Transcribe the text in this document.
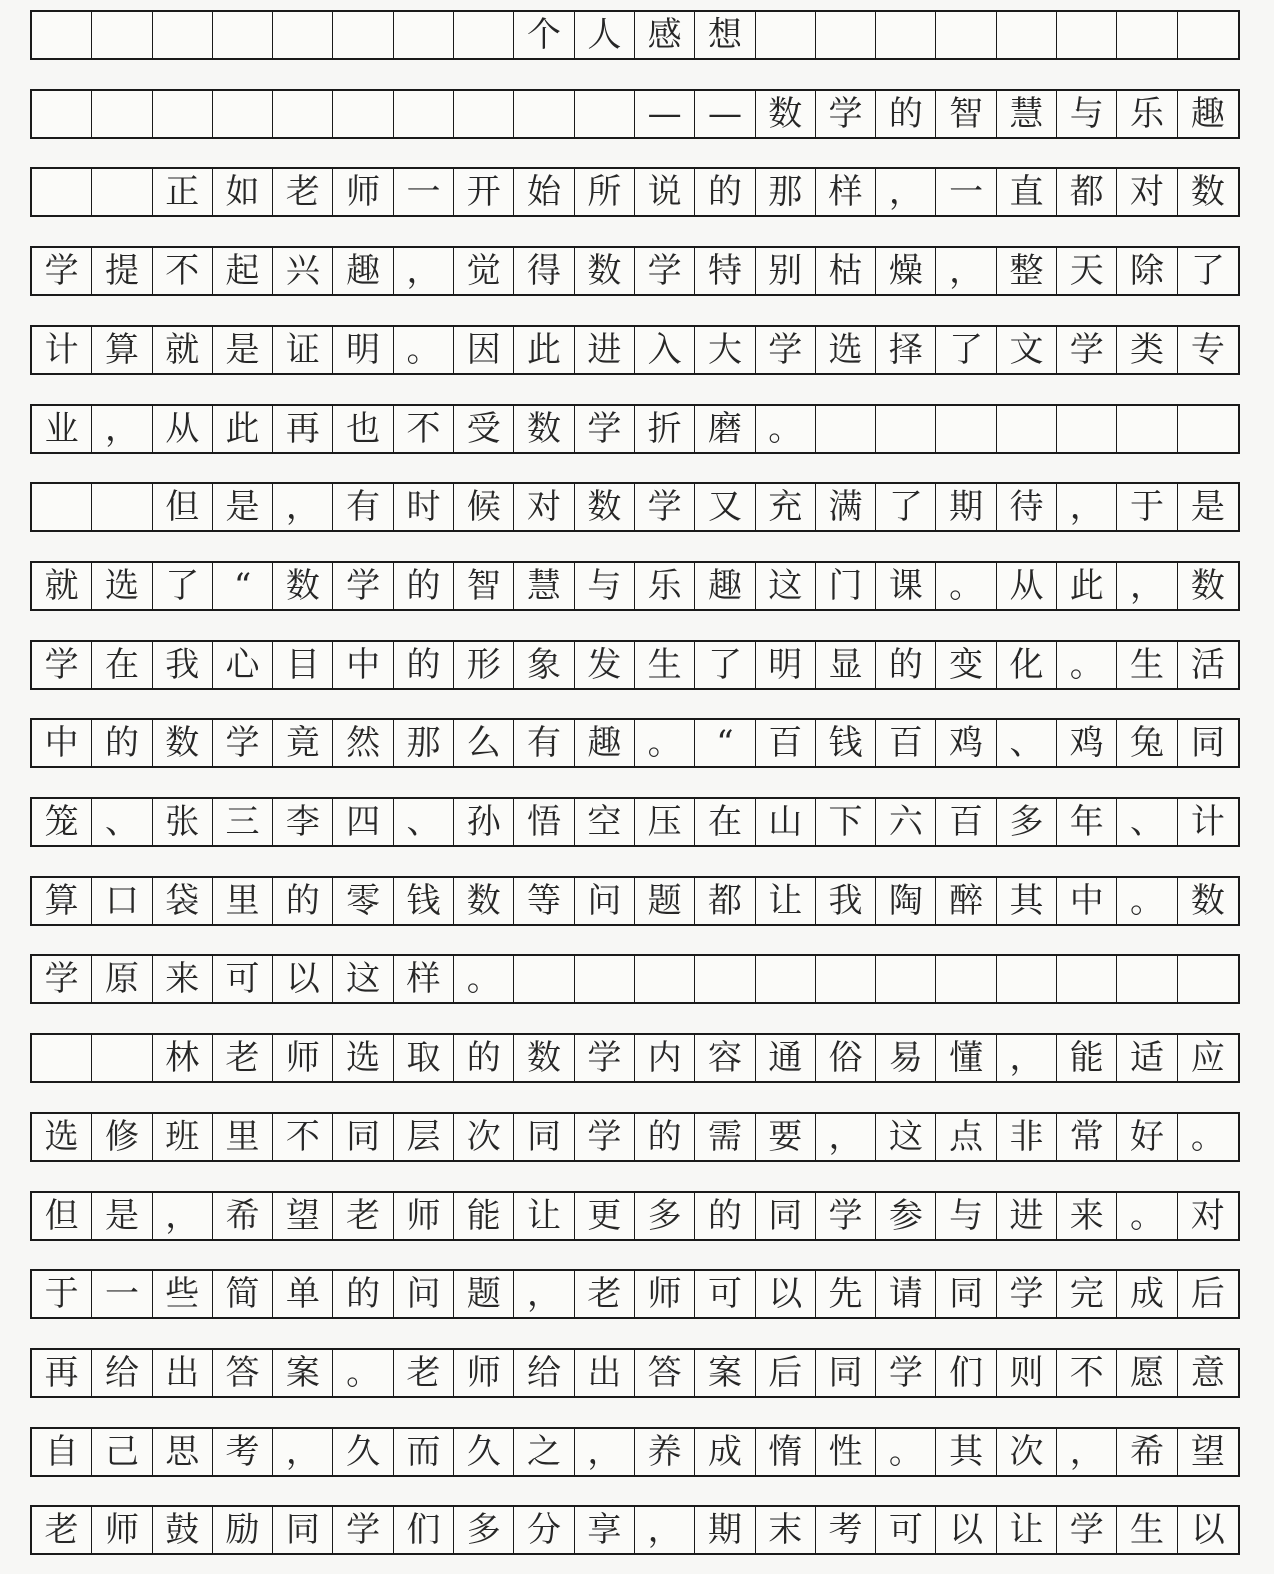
个 人 感 想
— — 数 学 的 智 慧 与 乐 趣
正 如 老 师 一 开 始 所 说 的 那 样 ， 一 直 都 对 数
学 提 不 起 兴 趣 ， 觉 得 数 学 特 别 枯 燥 ， 整 天 除 了
计 算 就 是 证 明 。 因 此 进 入 大 学 选 择 了 文 学 类 专
业 ， 从 此 再 也 不 受 数 学 折 磨 。
但 是 ， 有 时 候 对 数 学 又 充 满 了 期 待 ， 于 是
就 选 了	“	数 学 的 智 慧 与 乐 趣 这 门 课 。 从 此 ， 数
学 在 我 心 目 中 的 形 象 发 生 了 明 显 的 变 化 。 生 活
中 的 数 学 竟 然 那 么 有 趣 。	“	百 钱 百 鸡 、 鸡 兔 同
笼 、 张 三 李 四 、 孙 悟 空 压 在 山 下 六 百 多 年 、 计
算 口 袋 里 的 零 钱 数 等 问 题 都 让 我 陶 醉 其 中 。 数
学 原 来 可 以 这 样 。
林 老 师 选 取 的 数 学 内 容 通 俗 易 懂 ， 能 适 应
选 修 班 里 不 同 层 次 同 学 的 需 要 ， 这 点 非 常 好 。
但 是 ， 希 望 老 师 能 让 更 多 的 同 学 参 与 进 来 。 对
于 一 些 简 单 的 问 题 ， 老 师 可 以 先 请 同 学 完 成 后
再 给 出 答 案 。 老 师 给 出 答 案 后 同 学 们 则 不 愿 意
自 己 思 考 ， 久 而 久 之 ， 养 成 惰 性 。 其 次 ， 希 望
老 师 鼓 励 同 学 们 多 分 享 ， 期 末 考 可 以 让 学 生 以
